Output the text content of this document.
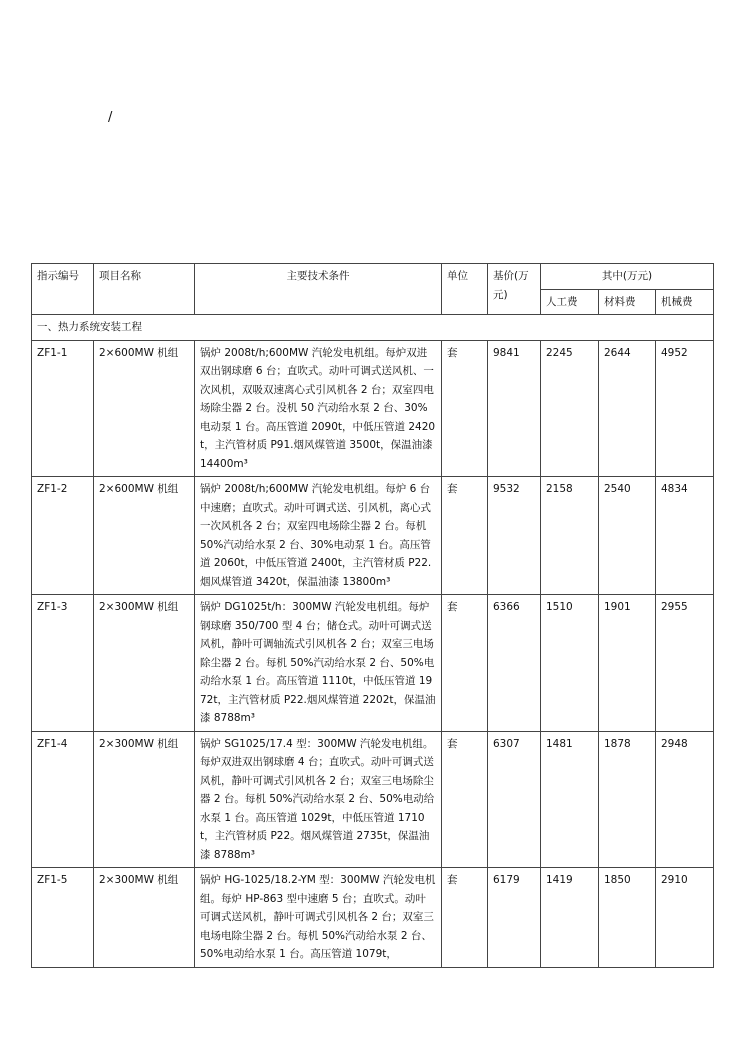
/
指示编号	项目名称	主要技术条件	单位	基价(万元)	其中(万元)		
					人工费	材料费	机械费
一、热力系统安装工程							
ZF1-1	2×600MW 机组	锅炉 2008t/h;600MW 汽轮发电机组。每炉双进双出钢球磨 6 台；直吹式。动叶可调式送风机、一次风机，双吸双速离心式引风机各 2 台；双室四电场除尘器 2 台。没机 50 汽动给水泵 2 台、30%电动泵 1 台。高压管道 2090t，中低压管道 2420t，主汽管材质 P91.烟风煤管道 3500t，保温油漆 14400m³	套	9841	2245	2644	4952
ZF1-2	2×600MW 机组	锅炉 2008t/h;600MW 汽轮发电机组。每炉 6 台中速磨；直吹式。动叶可调式送、引风机，离心式一次风机各 2 台；双室四电场除尘器 2 台。每机 50%汽动给水泵 2 台、30%电动泵 1 台。高压管道 2060t，中低压管道 2400t，主汽管材质 P22.烟风煤管道 3420t，保温油漆 13800m³	套	9532	2158	2540	4834
ZF1-3	2×300MW 机组	锅炉 DG1025t/h：300MW 汽轮发电机组。每炉钢球磨 350/700 型 4 台；储仓式。动叶可调式送风机，静叶可调轴流式引风机各 2 台；双室三电场除尘器 2 台。每机 50%汽动给水泵 2 台、50%电动给水泵 1 台。高压管道 1110t，中低压管道 1972t，主汽管材质 P22.烟风煤管道 2202t，保温油漆 8788m³	套	6366	1510	1901	2955
ZF1-4	2×300MW 机组	锅炉 SG1025/17.4 型：300MW 汽轮发电机组。每炉双进双出钢球磨 4 台；直吹式。动叶可调式送风机，静叶可调式引风机各 2 台；双室三电场除尘器 2 台。每机 50%汽动给水泵 2 台、50%电动给水泵 1 台。高压管道 1029t，中低压管道 1710t，主汽管材质 P22。烟风煤管道 2735t，保温油漆 8788m³	套	6307	1481	1878	2948
ZF1-5	2×300MW 机组	锅炉 HG-1025/18.2-YM 型：300MW 汽轮发电机组。每炉 HP-863 型中速磨 5 台；直吹式。动叶可调式送风机，静叶可调式引风机各 2 台；双室三电场电除尘器 2 台。每机 50%汽动给水泵 2 台、50%电动给水泵 1 台。高压管道 1079t，	套	6179	1419	1850	2910
